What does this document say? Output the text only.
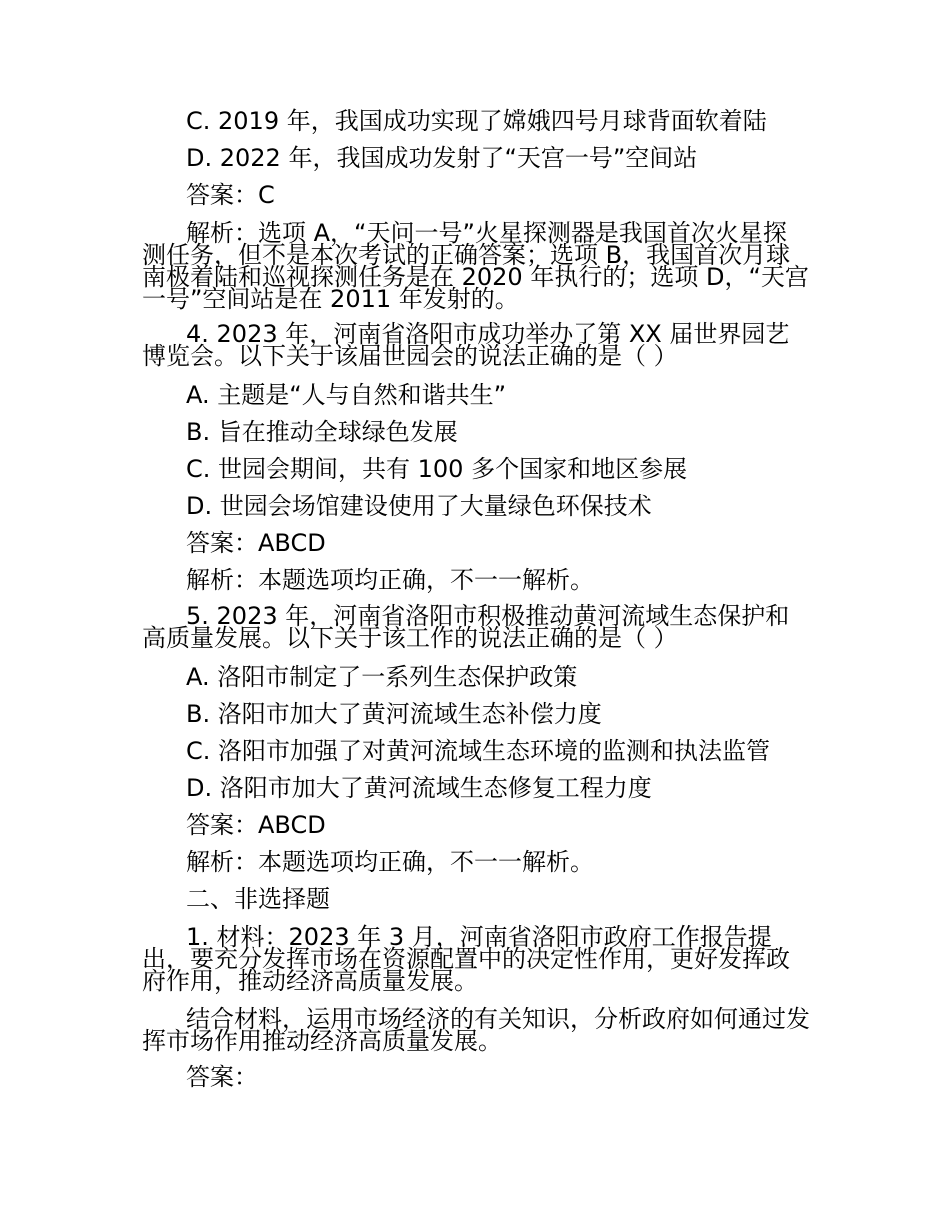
C. 2019 年，我国成功实现了嫦娥四号月球背面软着陆
D. 2022 年，我国成功发射了“天宫一号”空间站
答案：C
解析：选项 A，“天问一号”火星探测器是我国首次火星探测任务，但不是本次考试的正确答案；选项 B，我国首次月球南极着陆和巡视探测任务是在 2020 年执行的；选项 D，“天宫一号”空间站是在 2011 年发射的。
4. 2023 年，河南省洛阳市成功举办了第 XX 届世界园艺博览会。以下关于该届世园会的说法正确的是（ ）
A. 主题是“人与自然和谐共生”
B. 旨在推动全球绿色发展
C. 世园会期间，共有 100 多个国家和地区参展
D. 世园会场馆建设使用了大量绿色环保技术
答案：ABCD
解析：本题选项均正确，不一一解析。
5. 2023 年，河南省洛阳市积极推动黄河流域生态保护和高质量发展。以下关于该工作的说法正确的是（ ）
A. 洛阳市制定了一系列生态保护政策
B. 洛阳市加大了黄河流域生态补偿力度
C. 洛阳市加强了对黄河流域生态环境的监测和执法监管
D. 洛阳市加大了黄河流域生态修复工程力度
答案：ABCD
解析：本题选项均正确，不一一解析。
二、非选择题
1. 材料：2023 年 3 月，河南省洛阳市政府工作报告提出，要充分发挥市场在资源配置中的决定性作用，更好发挥政府作用，推动经济高质量发展。
结合材料，运用市场经济的有关知识，分析政府如何通过发挥市场作用推动经济高质量发展。
答案：
